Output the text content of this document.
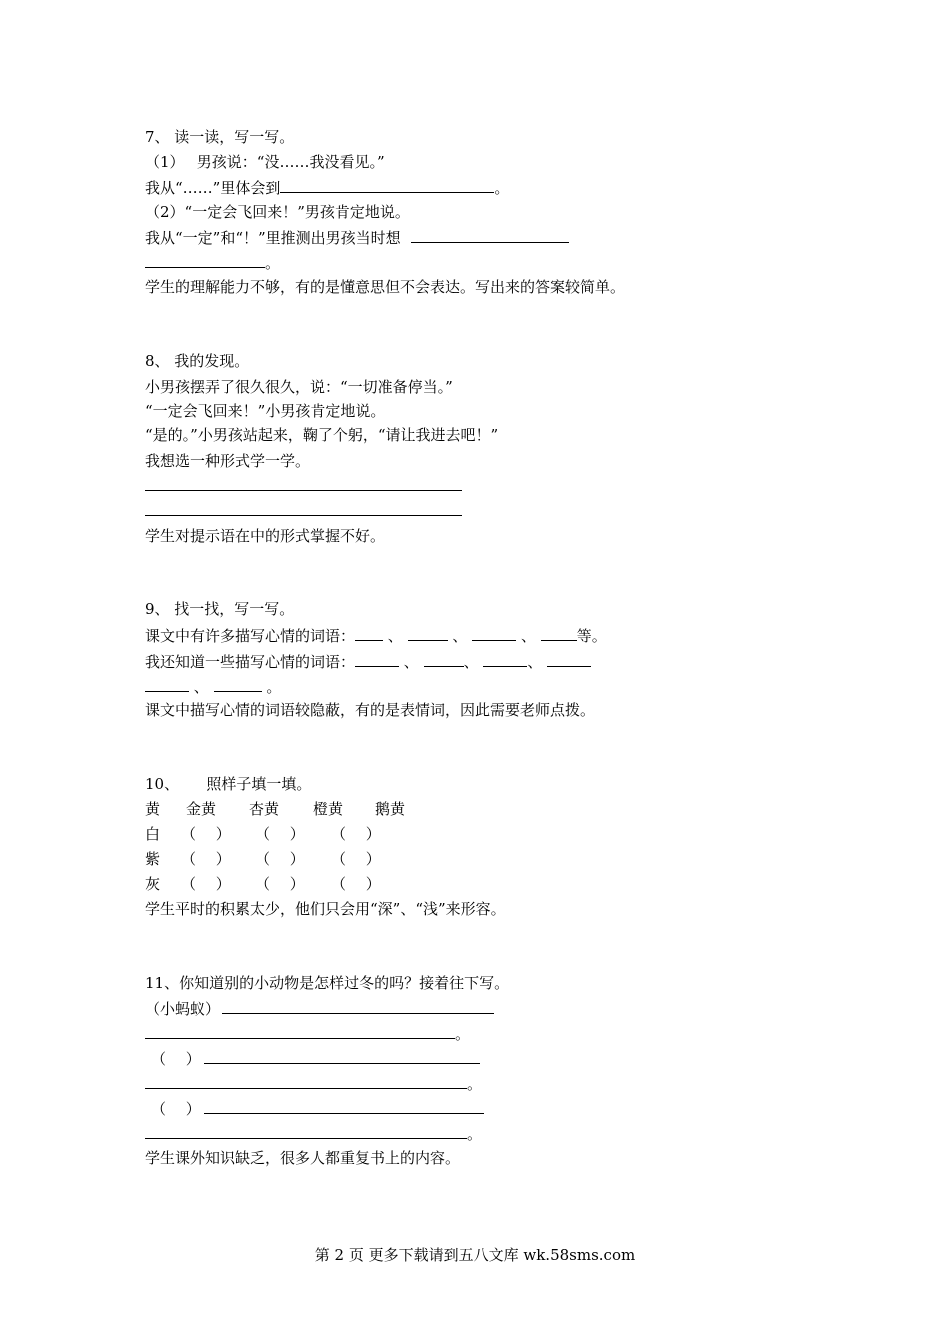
7、 读一读，写一写。
（1）　 男孩说：“没……我没看见。”
我从“……”里体会到	。
（2）“一定会飞回来！”男孩肯定地说。
我从“一定”和“！”里推测出男孩当时想
。
学生的理解能力不够，有的是懂意思但不会表达。写出来的答案较简单。
8、 我的发现。
小男孩摆弄了很久很久，说：“一切准备停当。”
“一定会飞回来！”小男孩肯定地说。
“是的。”小男孩站起来，鞠了个躬，“请让我进去吧！”
我想选一种形式学一学。
学生对提示语在中的形式掌握不好。
9、 找一找，写一写。
课文中有许多描写心情的词语： 、	、	、	等。
我还知道一些描写心情的词语：	、	、	、
、	。
课文中描写心情的词语较隐蔽，有的是表情词，因此需要老师点拨。
10、　　 照样子填一填。
黄 金黄 杏黄 橙黄 鹅黄
白 （　 ） （　 ） （　 ）
紫 （　 ） （　 ） （　 ）
灰 （　 ） （　 ） （　 ）
学生平时的积累太少，他们只会用“深”、“浅”来形容。
11、你知道别的小动物是怎样过冬的吗？接着往下写。
（小蚂蚁）
。
（　 ）
。
（　 ）
。
学生课外知识缺乏，很多人都重复书上的内容。
第 2 页 更多下载请到五八文库 wk.58sms.com
